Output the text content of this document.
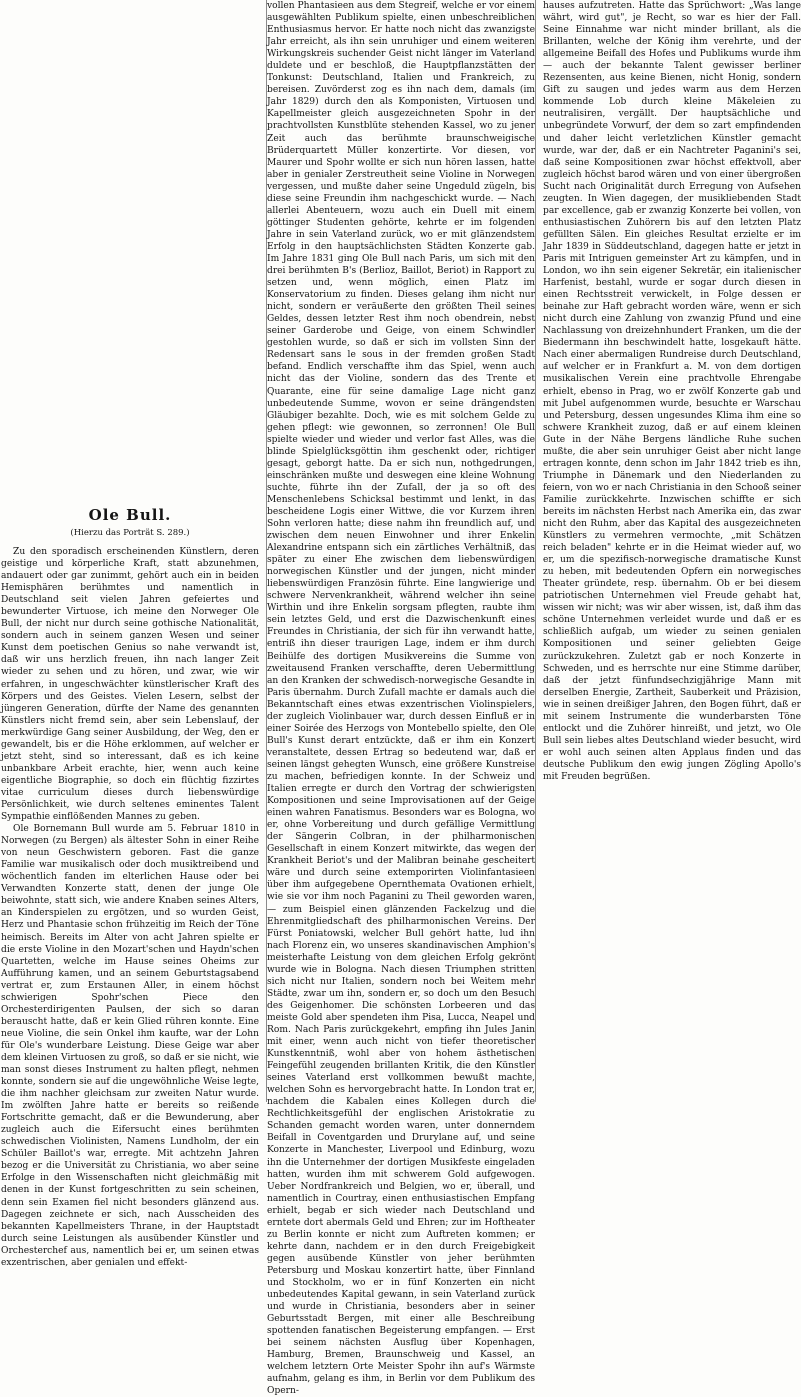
Ole Bull.

(Hierzu das Porträt S. 289.)

Zu den sporadisch erscheinenden Künstlern, deren geistige und körperliche Kraft, statt abzunehmen, andauert oder gar zunimmt, gehört auch ein in beiden Hemisphären berühmtes und namentlich in Deutschland seit vielen Jahren gefeiertes und bewunderter Virtuose, ich meine den Norweger Ole Bull, der nicht nur durch seine gothische Nationalität, sondern auch in seinem ganzen Wesen und seiner Kunst dem poetischen Genius so nahe verwandt ist, daß wir uns herzlich freuen, ihn nach langer Zeit wieder zu sehen und zu hören, und zwar, wie wir erfahren, in ungeschwächter künstlerischer Kraft des Körpers und des Geistes. Vielen Lesern, selbst der jüngeren Generation, dürfte der Name des genannten Künstlers nicht fremd sein, aber sein Lebenslauf, der merkwürdige Gang seiner Ausbildung, der Weg, den er gewandelt, bis er die Höhe erklommen, auf welcher er jetzt steht, sind so interessant, daß es ich keine unbankbare Arbeit erachte, hier, wenn auch keine eigentliche Biographie, so doch ein flüchtig fizzirtes vitae curriculum dieses durch liebenswürdige Persönlichkeit, wie durch seltenes eminentes Talent Sympathie einflößenden Mannes zu geben.

Ole Bornemann Bull wurde am 5. Februar 1810 in Norwegen (zu Bergen) als ältester Sohn in einer Reihe von neun Geschwistern geboren. Fast die ganze Familie war musikalisch oder doch musiktreibend und wöchentlich fanden im elterlichen Hause oder bei Verwandten Konzerte statt, denen der junge Ole beiwohnte, statt sich, wie andere Knaben seines Alters, an Kinderspielen zu ergötzen, und so wurden Geist, Herz und Phantasie schon frühzeitig im Reich der Töne heimisch. Bereits im Alter von acht Jahren spielte er die erste Violine in den Mozart'schen und Haydn'schen Quartetten, welche im Hause seines Oheims zur Aufführung kamen, und an seinem Geburtstagsabend vertrat er, zum Erstaunen Aller, in einem höchst schwierigen Spohr'schen Piece den Orchesterdirigenten Paulsen, der sich so daran berauscht hatte, daß er kein Glied rühren konnte. Eine neue Violine, die sein Onkel ihm kaufte, war der Lohn für Ole's wunderbare Leistung. Diese Geige war aber dem kleinen Virtuosen zu groß, so daß er sie nicht, wie man sonst dieses Instrument zu halten pflegt, nehmen konnte, sondern sie auf die ungewöhnliche Weise legte, die ihm nachher gleichsam zur zweiten Natur wurde. Im zwölften Jahre hatte er bereits so reißende Fortschritte gemacht, daß er die Bewunderung, aber zugleich auch die Eifersucht eines berühmten schwedischen Violinisten, Namens Lundholm, der ein Schüler Baillot's war, erregte. Mit achtzehn Jahren bezog er die Universität zu Christiania, wo aber seine Erfolge in den Wissenschaften nicht gleichmäßig mit denen in der Kunst fortgeschritten zu sein scheinen, denn sein Examen fiel nicht besonders glänzend aus. Dagegen zeichnete er sich, nach Ausscheiden des bekannten Kapellmeisters Thrane, in der Hauptstadt durch seine Leistungen als ausübender Künstler und Orchesterchef aus, namentlich bei er, um seinen etwas exzentrischen, aber genialen und effekt-

vollen Phantasieen aus dem Stegreif, welche er vor einem ausgewählten Publikum spielte, einen unbeschreiblichen Enthusiasmus hervor. Er hatte noch nicht das zwanzigste Jahr erreicht, als ihn sein unruhiger und einem weiteren Wirkungskreis suchender Geist nicht länger im Vaterland duldete und er beschloß, die Hauptpflanzstätten der Tonkunst: Deutschland, Italien und Frankreich, zu bereisen. Zuvörderst zog es ihn nach dem, damals (im Jahr 1829) durch den als Komponisten, Virtuosen und Kapellmeister gleich ausgezeichneten Spohr in der prachtvollsten Kunstblüte stehenden Kassel, wo zu jener Zeit auch das berühmte braunschweigische Brüderquartett Müller konzertirte. Vor diesen, vor Maurer und Spohr wollte er sich nun hören lassen, hatte aber in genialer Zerstreutheit seine Violine in Norwegen vergessen, und mußte daher seine Ungeduld zügeln, bis diese seine Freundin ihm nachgeschickt wurde. — Nach allerlei Abenteuern, wozu auch ein Duell mit einem göttinger Studenten gehörte, kehrte er im folgenden Jahre in sein Vaterland zurück, wo er mit glänzendstem Erfolg in den hauptsächlichsten Städten Konzerte gab. Im Jahre 1831 ging Ole Bull nach Paris, um sich mit den drei berühmten B's (Berlioz, Baillot, Beriot) in Rapport zu setzen und, wenn möglich, einen Platz im Konservatorium zu finden. Dieses gelang ihm nicht nur nicht, sondern er veräußerte den größten Theil seines Geldes, dessen letzter Rest ihm noch obendrein, nebst seiner Garderobe und Geige, von einem Schwindler gestohlen wurde, so daß er sich im vollsten Sinn der Redensart sans le sous in der fremden großen Stadt befand. Endlich verschaffte ihm das Spiel, wenn auch nicht das der Violine, sondern das des Trente et Quarante, eine für seine damalige Lage nicht ganz unbedeutende Summe, wovon er seine drängendsten Gläubiger bezahlte. Doch, wie es mit solchem Gelde zu gehen pflegt: wie gewonnen, so zerronnen! Ole Bull spielte wieder und wieder und verlor fast Alles, was die blinde Spielglücksgöttin ihm geschenkt oder, richtiger gesagt, geborgt hatte. Da er sich nun, nothgedrungen, einschränken mußte und deswegen eine kleine Wohnung suchte, führte ihn der Zufall, der ja so oft des Menschenlebens Schicksal bestimmt und lenkt, in das bescheidene Logis einer Wittwe, die vor Kurzem ihren Sohn verloren hatte; diese nahm ihn freundlich auf, und zwischen dem neuen Einwohner und ihrer Enkelin Alexandrine entspann sich ein zärtliches Verhältniß, das später zu einer Ehe zwischen dem liebenswürdigen norwegischen Künstler und der jungen, nicht minder liebenswürdigen Französin führte. Eine langwierige und schwere Nervenkrankheit, während welcher ihn seine Wirthin und ihre Enkelin sorgsam pflegten, raubte ihm sein letztes Geld, und erst die Dazwischenkunft eines Freundes in Christiania, der sich für ihn verwandt hatte, entriß ihn dieser traurigen Lage, indem er ihm durch Beihülfe des dortigen Musikvereins die Summe von zweitausend Franken verschaffte, deren Uebermittlung an den Kranken der schwedisch-norwegische Gesandte in Paris übernahm. Durch Zufall machte er damals auch die Bekanntschaft eines etwas exzentrischen Violinspielers, der zugleich Violinbauer war, durch dessen Einfluß er in einer Soirée des Herzogs von Montebello spielte, den Ole Bull's Kunst derart entzückte, daß er ihm ein Konzert veranstaltete, dessen Ertrag so bedeutend war, daß er seinen längst gehegten Wunsch, eine größere Kunstreise zu machen, befriedigen konnte. In der Schweiz und Italien erregte er durch den Vortrag der schwierigsten Kompositionen und seine Improvisationen auf der Geige einen wahren Fanatismus. Besonders war es Bologna, wo er, ohne Vorbereitung und durch gefällige Vermittlung der Sängerin Colbran, in der philharmonischen Gesellschaft in einem Konzert mitwirkte, das wegen der Krankheit Beriot's und der Malibran beinahe gescheitert wäre und durch seine extemporirten Violinfantasieen über ihm aufgegebene Opernthemata Ovationen erhielt, wie sie vor ihm noch Paganini zu Theil geworden waren, — zum Beispiel einen glänzenden Fackelzug und die Ehrenmitgliedschaft des philharmonischen Vereins. Der Fürst Poniatowski, welcher Bull gehört hatte, lud ihn nach Florenz ein, wo unseres skandinavischen Amphion's meisterhafte Leistung von dem gleichen Erfolg gekrönt wurde wie in Bologna. Nach diesen Triumphen stritten sich nicht nur Italien, sondern noch bei Weitem mehr Städte, zwar um ihn, sondern er, so doch um den Besuch des Geigenhomer. Die schönsten Lorbeeren und das meiste Gold aber spendeten ihm Pisa, Lucca, Neapel und Rom. Nach Paris zurückgekehrt, empfing ihn Jules Janin mit einer, wenn auch nicht von tiefer theoretischer Kunstkenntniß, wohl aber von hohem ästhetischen Feingefühl zeugenden brillanten Kritik, die den Künstler seines Vaterland erst vollkommen bewußt machte, welchen Sohn es hervorgebracht hatte. In London trat er, nachdem die Kabalen eines Kollegen durch die Rechtlichkeitsgefühl der englischen Aristokratie zu Schanden gemacht worden waren, unter donnerndem Beifall in Coventgarden und Drurylane auf, und seine Konzerte in Manchester, Liverpool und Edinburg, wozu ihn die Unternehmer der dortigen Musikfeste eingeladen hatten, wurden ihm mit schwerem Gold aufgewogen. Ueber Nordfrankreich und Belgien, wo er, überall, und namentlich in Courtray, einen enthusiastischen Empfang erhielt, begab er sich wieder nach Deutschland und erntete dort abermals Geld und Ehren; zur im Hoftheater zu Berlin konnte er nicht zum Auftreten kommen; er kehrte dann, nachdem er in den durch Freigebigkeit gegen ausübende Künstler von jeher berühmten Petersburg und Moskau konzertirt hatte, über Finnland und Stockholm, wo er in fünf Konzerten ein nicht unbedeutendes Kapital gewann, in sein Vaterland zurück und wurde in Christiania, besonders aber in seiner Geburtsstadt Bergen, mit einer alle Beschreibung spottenden fanatischen Begeisterung empfangen. — Erst bei seinem nächsten Ausflug über Kopenhagen, Hamburg, Bremen, Braunschweig und Kassel, an welchem letztern Orte Meister Spohr ihn auf's Wärmste aufnahm, gelang es ihm, in Berlin vor dem Publikum des Opern-

hauses aufzutreten. Hatte das Sprüchwort: „Was lange währt, wird gut", je Recht, so war es hier der Fall. Seine Einnahme war nicht minder brillant, als die Brillanten, welche der König ihm verehrte, und der allgemeine Beifall des Hofes und Publikums wurde ihm — auch der bekannte Talent gewisser berliner Rezensenten, aus keine Bienen, nicht Honig, sondern Gift zu saugen und jedes warm aus dem Herzen kommende Lob durch kleine Mäkeleien zu neutralisiren, vergällt. Der hauptsächliche und unbegründete Vorwurf, der dem so zart empfindenden und daher leicht verletzlichen Künstler gemacht wurde, war der, daß er ein Nachtreter Paganini's sei, daß seine Kompositionen zwar höchst effektvoll, aber zugleich höchst barod wären und von einer übergroßen Sucht nach Originalität durch Erregung von Aufsehen zeugten. In Wien dagegen, der musikliebenden Stadt par excellence, gab er zwanzig Konzerte bei vollen, von enthusiastischen Zuhörern bis auf den letzten Platz gefüllten Sälen. Ein gleiches Resultat erzielte er im Jahr 1839 in Süddeutschland, dagegen hatte er jetzt in Paris mit Intriguen gemeinster Art zu kämpfen, und in London, wo ihn sein eigener Sekretär, ein italienischer Harfenist, bestahl, wurde er sogar durch diesen in einen Rechtsstreit verwickelt, in Folge dessen er beinahe zur Haft gebracht worden wäre, wenn er sich nicht durch eine Zahlung von zwanzig Pfund und eine Nachlassung von dreizehnhundert Franken, um die der Biedermann ihn beschwindelt hatte, losgekauft hätte. Nach einer abermaligen Rundreise durch Deutschland, auf welcher er in Frankfurt a. M. von dem dortigen musikalischen Verein eine prachtvolle Ehrengabe erhielt, ebenso in Prag, wo er zwölf Konzerte gab und mit Jubel aufgenommen wurde, besuchte er Warschau und Petersburg, dessen ungesundes Klima ihm eine so schwere Krankheit zuzog, daß er auf einem kleinen Gute in der Nähe Bergens ländliche Ruhe suchen mußte, die aber sein unruhiger Geist aber nicht lange ertragen konnte, denn schon im Jahr 1842 trieb es ihn, Triumphe in Dänemark und den Niederlanden zu feiern, von wo er nach Christiania in den Schooß seiner Familie zurückkehrte. Inzwischen schiffte er sich bereits im nächsten Herbst nach Amerika ein, das zwar nicht den Ruhm, aber das Kapital des ausgezeichneten Künstlers zu vermehren vermochte, „mit Schätzen reich beladen" kehrte er in die Heimat wieder auf, wo er, um die spezifisch-norwegische dramatische Kunst zu heben, mit bedeutenden Opfern ein norwegisches Theater gründete, resp. übernahm. Ob er bei diesem patriotischen Unternehmen viel Freude gehabt hat, wissen wir nicht; was wir aber wissen, ist, daß ihm das schöne Unternehmen verleidet wurde und daß er es schließlich aufgab, um wieder zu seinen genialen Kompositionen und seiner geliebten Geige zurückzukehren. Zuletzt gab er noch Konzerte in Schweden, und es herrschte nur eine Stimme darüber, daß der jetzt fünfundsechzigjährige Mann mit derselben Energie, Zartheit, Sauberkeit und Präzision, wie in seinen dreißiger Jahren, den Bogen führt, daß er mit seinem Instrumente die wunderbarsten Töne entlockt und die Zuhörer hinreißt, und jetzt, wo Ole Bull sein liebes altes Deutschland wieder besucht, wird er wohl auch seinen alten Applaus finden und das deutsche Publikum den ewig jungen Zögling Apollo's mit Freuden begrüßen.
